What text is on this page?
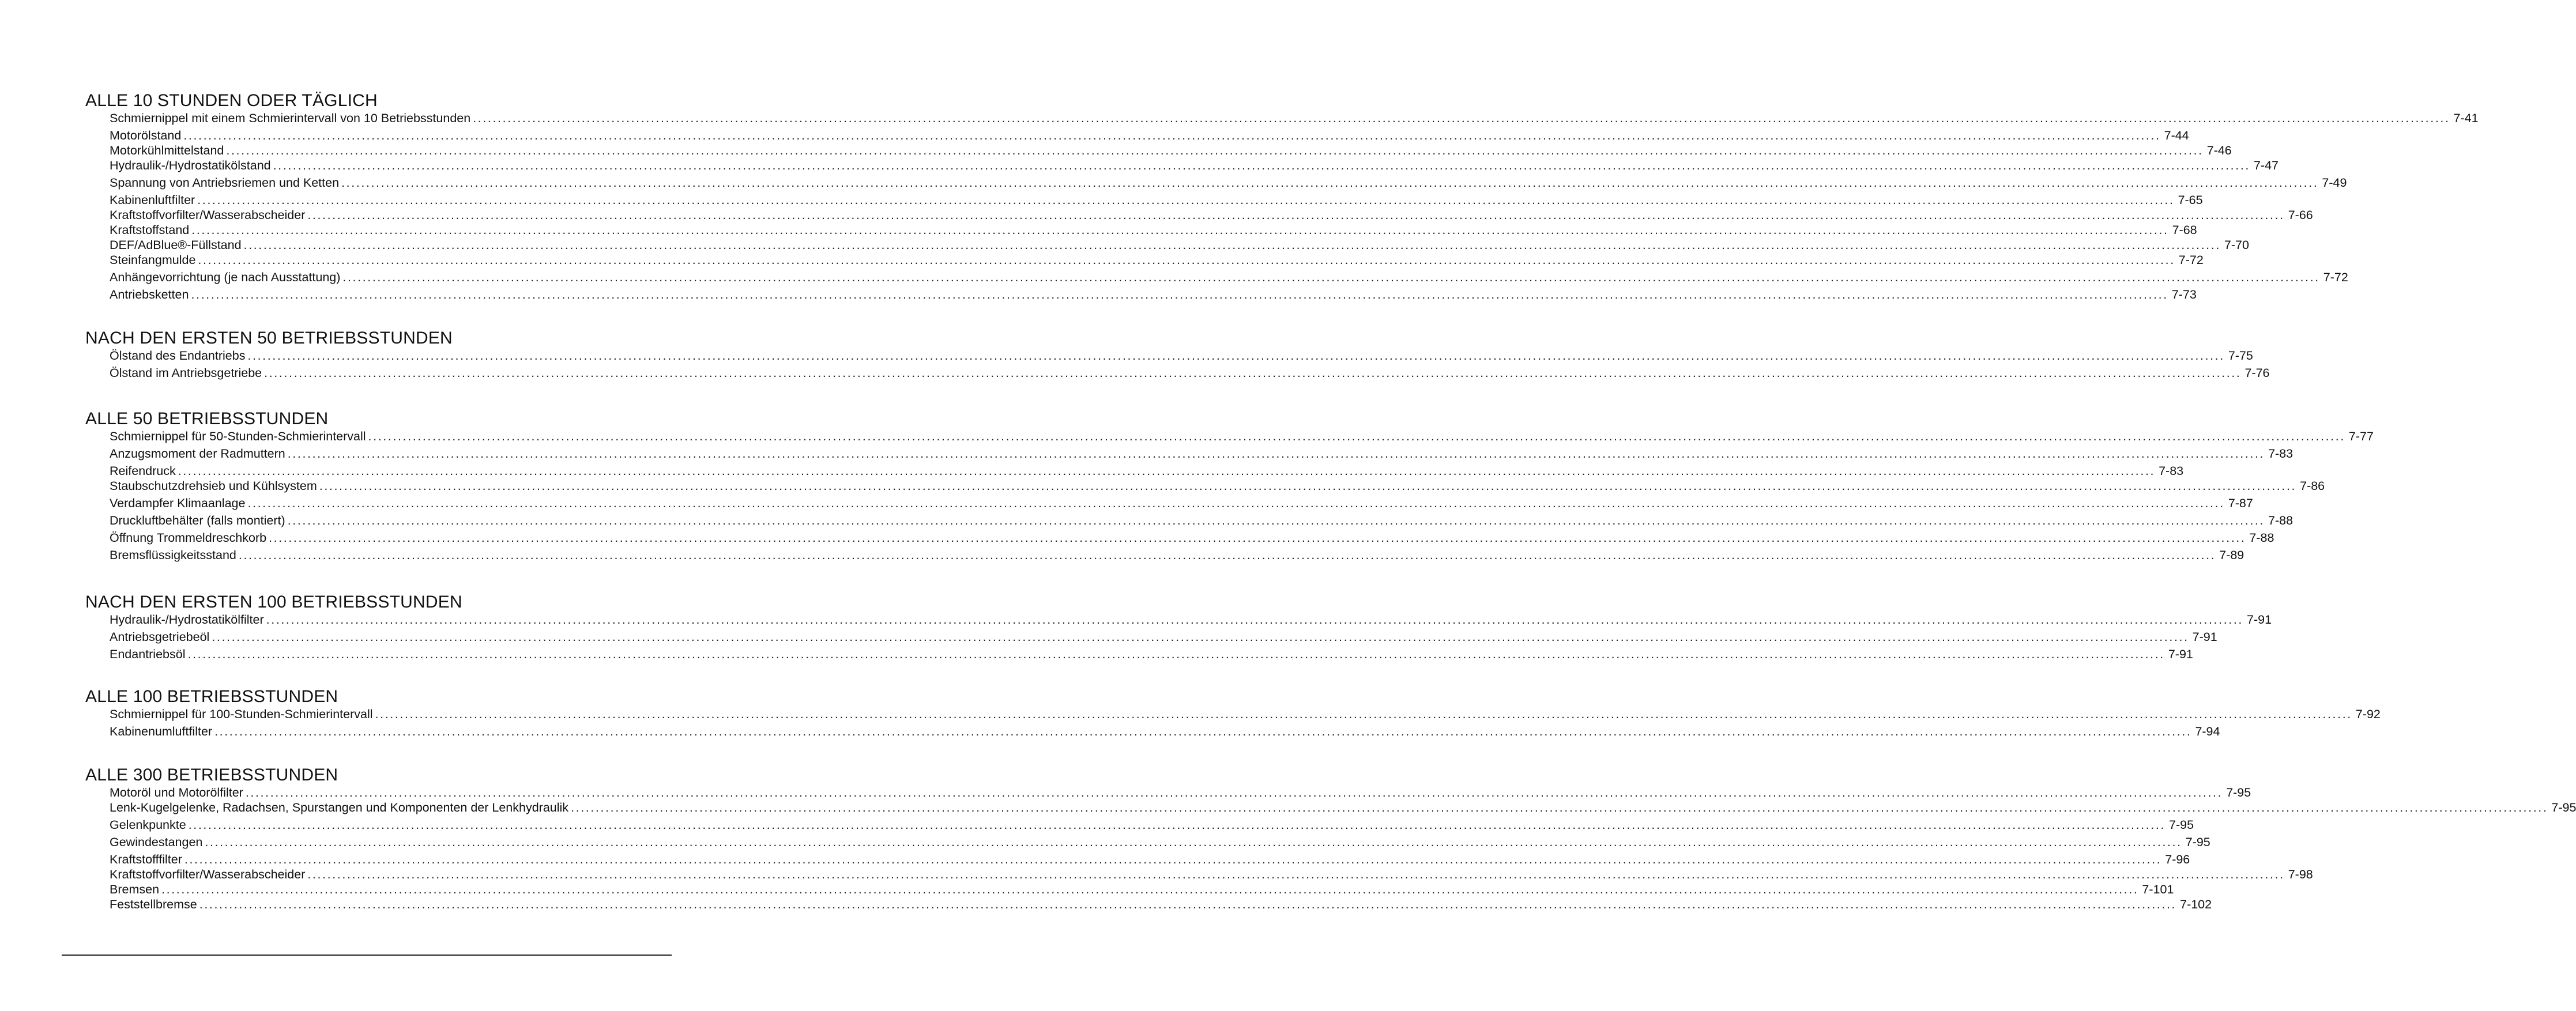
ALLE 10 STUNDEN ODER TÄGLICH
Schmiernippel mit einem Schmierintervall von 10 Betriebsstunden ................................................................................................................................................................................................................................................................................................................................................................................................................ 7-41
Motorölstand ................................................................................................................................................................................................................................................................................................................................................................................................................ 7-44
Motorkühlmittelstand ................................................................................................................................................................................................................................................................................................................................................................................................................ 7-46
Hydraulik-/Hydrostatikölstand ................................................................................................................................................................................................................................................................................................................................................................................................................ 7-47
Spannung von Antriebsriemen und Ketten ................................................................................................................................................................................................................................................................................................................................................................................................................ 7-49
Kabinenluftfilter ................................................................................................................................................................................................................................................................................................................................................................................................................ 7-65
Kraftstoffvorfilter/Wasserabscheider ................................................................................................................................................................................................................................................................................................................................................................................................................ 7-66
Kraftstoffstand ................................................................................................................................................................................................................................................................................................................................................................................................................ 7-68
DEF/AdBlue®-Füllstand ................................................................................................................................................................................................................................................................................................................................................................................................................ 7-70
Steinfangmulde ................................................................................................................................................................................................................................................................................................................................................................................................................ 7-72
Anhängevorrichtung (je nach Ausstattung) ................................................................................................................................................................................................................................................................................................................................................................................................................ 7-72
Antriebsketten ................................................................................................................................................................................................................................................................................................................................................................................................................ 7-73
NACH DEN ERSTEN 50 BETRIEBSSTUNDEN
Ölstand des Endantriebs ................................................................................................................................................................................................................................................................................................................................................................................................................ 7-75
Ölstand im Antriebsgetriebe ................................................................................................................................................................................................................................................................................................................................................................................................................ 7-76
ALLE 50 BETRIEBSSTUNDEN
Schmiernippel für 50-Stunden-Schmierintervall ................................................................................................................................................................................................................................................................................................................................................................................................................ 7-77
Anzugsmoment der Radmuttern ................................................................................................................................................................................................................................................................................................................................................................................................................ 7-83
Reifendruck ................................................................................................................................................................................................................................................................................................................................................................................................................ 7-83
Staubschutzdrehsieb und Kühlsystem ................................................................................................................................................................................................................................................................................................................................................................................................................ 7-86
Verdampfer Klimaanlage ................................................................................................................................................................................................................................................................................................................................................................................................................ 7-87
Druckluftbehälter (falls montiert) ................................................................................................................................................................................................................................................................................................................................................................................................................ 7-88
Öffnung Trommeldreschkorb ................................................................................................................................................................................................................................................................................................................................................................................................................ 7-88
Bremsflüssigkeitsstand ................................................................................................................................................................................................................................................................................................................................................................................................................ 7-89
NACH DEN ERSTEN 100 BETRIEBSSTUNDEN
Hydraulik-/Hydrostatikölfilter ................................................................................................................................................................................................................................................................................................................................................................................................................ 7-91
Antriebsgetriebeöl ................................................................................................................................................................................................................................................................................................................................................................................................................ 7-91
Endantriebsöl ................................................................................................................................................................................................................................................................................................................................................................................................................ 7-91
ALLE 100 BETRIEBSSTUNDEN
Schmiernippel für 100-Stunden-Schmierintervall ................................................................................................................................................................................................................................................................................................................................................................................................................ 7-92
Kabinenumluftfilter ................................................................................................................................................................................................................................................................................................................................................................................................................ 7-94
ALLE 300 BETRIEBSSTUNDEN
Motoröl und Motorölfilter ................................................................................................................................................................................................................................................................................................................................................................................................................ 7-95
Lenk-Kugelgelenke, Radachsen, Spurstangen und Komponenten der Lenkhydraulik ................................................................................................................................................................................................................................................................................................................................................................................................................ 7-95
Gelenkpunkte ................................................................................................................................................................................................................................................................................................................................................................................................................ 7-95
Gewindestangen ................................................................................................................................................................................................................................................................................................................................................................................................................ 7-95
Kraftstofffilter ................................................................................................................................................................................................................................................................................................................................................................................................................ 7-96
Kraftstoffvorfilter/Wasserabscheider ................................................................................................................................................................................................................................................................................................................................................................................................................ 7-98
Bremsen ................................................................................................................................................................................................................................................................................................................................................................................................................ 7-101
Feststellbremse ................................................................................................................................................................................................................................................................................................................................................................................................................ 7-102
